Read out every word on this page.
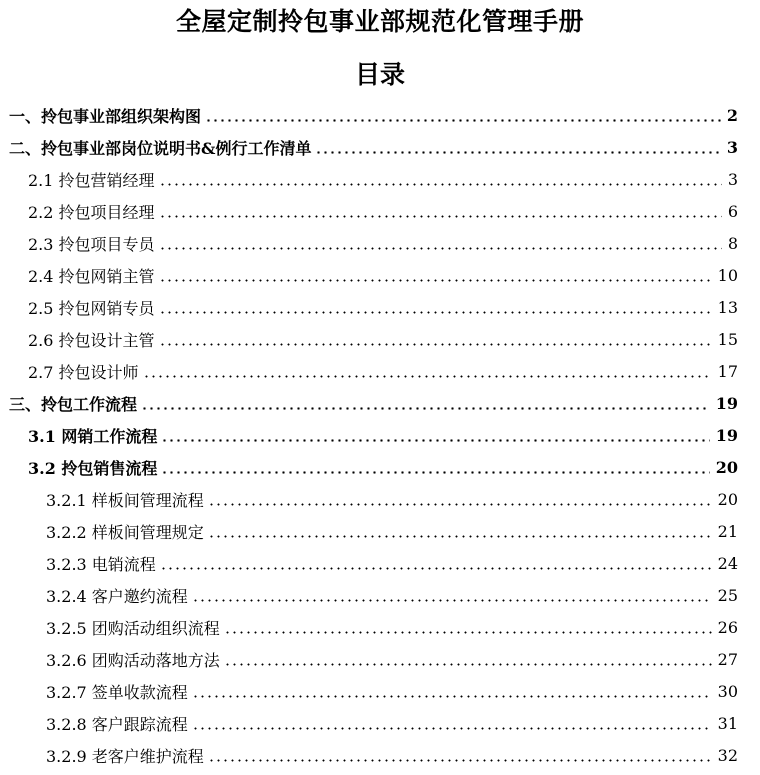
全屋定制拎包事业部规范化管理手册
目录
一、拎包事业部组织架构图	2
二、拎包事业部岗位说明书&例行工作清单	3
2.1 拎包营销经理	3
2.2 拎包项目经理	6
2.3 拎包项目专员	8
2.4 拎包网销主管	10
2.5 拎包网销专员	13
2.6 拎包设计主管	15
2.7 拎包设计师	17
三、拎包工作流程	19
3.1 网销工作流程	19
3.2 拎包销售流程	20
3.2.1 样板间管理流程	20
3.2.2 样板间管理规定	21
3.2.3 电销流程	24
3.2.4 客户邀约流程	25
3.2.5 团购活动组织流程	26
3.2.6 团购活动落地方法	27
3.2.7 签单收款流程	30
3.2.8 客户跟踪流程	31
3.2.9 老客户维护流程	32
